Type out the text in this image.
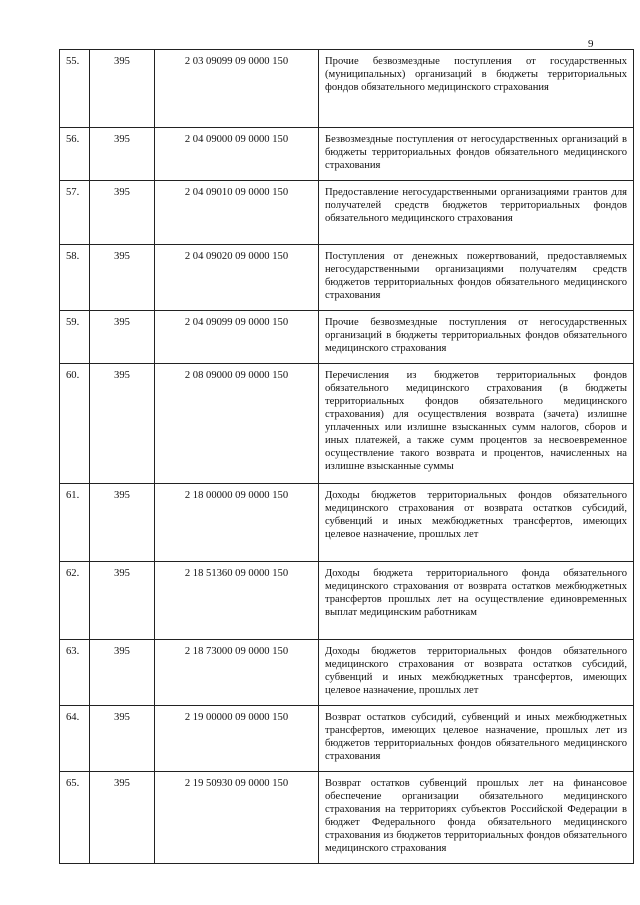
9
55.	395	2 03 09099 09 0000 150	Прочие безвозмездные поступления от государственных (муниципальных) организаций в бюджеты территориальных фондов обязательного медицинского страхования
56.	395	2 04 09000 09 0000 150	Безвозмездные поступления от негосударственных организаций в бюджеты территориальных фондов обязательного медицинского страхования
57.	395	2 04 09010 09 0000 150	Предоставление негосударственными организациями грантов для получателей средств бюджетов территориальных фондов обязательного медицинского страхования
58.	395	2 04 09020 09 0000 150	Поступления от денежных пожертвований, предоставляемых негосударственными организациями получателям средств бюджетов территориальных фондов обязательного медицинского страхования
59.	395	2 04 09099 09 0000 150	Прочие безвозмездные поступления от негосударственных организаций в бюджеты территориальных фондов обязательного медицинского страхования
60.	395	2 08 09000 09 0000 150	Перечисления из бюджетов территориальных фондов обязательного медицинского страхования (в бюджеты территориальных фондов обязательного медицинского страхования) для осуществления возврата (зачета) излишне уплаченных или излишне взысканных сумм налогов, сборов и иных платежей, а также сумм процентов за несвоевременное осуществление такого возврата и процентов, начисленных на излишне взысканные суммы
61.	395	2 18 00000 09 0000 150	Доходы бюджетов территориальных фондов обязательного медицинского страхования от возврата остатков субсидий, субвенций и иных межбюджетных трансфертов, имеющих целевое назначение, прошлых лет
62.	395	2 18 51360 09 0000 150	Доходы бюджета территориального фонда обязательного медицинского страхования от возврата остатков межбюджетных трансфертов прошлых лет на осуществление единовременных выплат медицинским работникам
63.	395	2 18 73000 09 0000 150	Доходы бюджетов территориальных фондов обязательного медицинского страхования от возврата остатков субсидий, субвенций и иных межбюджетных трансфертов, имеющих целевое назначение, прошлых лет
64.	395	2 19 00000 09 0000 150	Возврат остатков субсидий, субвенций и иных межбюджетных трансфертов, имеющих целевое назначение, прошлых лет из бюджетов территориальных фондов обязательного медицинского страхования
65.	395	2 19 50930 09 0000 150	Возврат остатков субвенций прошлых лет на финансовое обеспечение организации обязательного медицинского страхования на территориях субъектов Российской Федерации в бюджет Федерального фонда обязательного медицинского страхования из бюджетов территориальных фондов обязательного медицинского страхования
